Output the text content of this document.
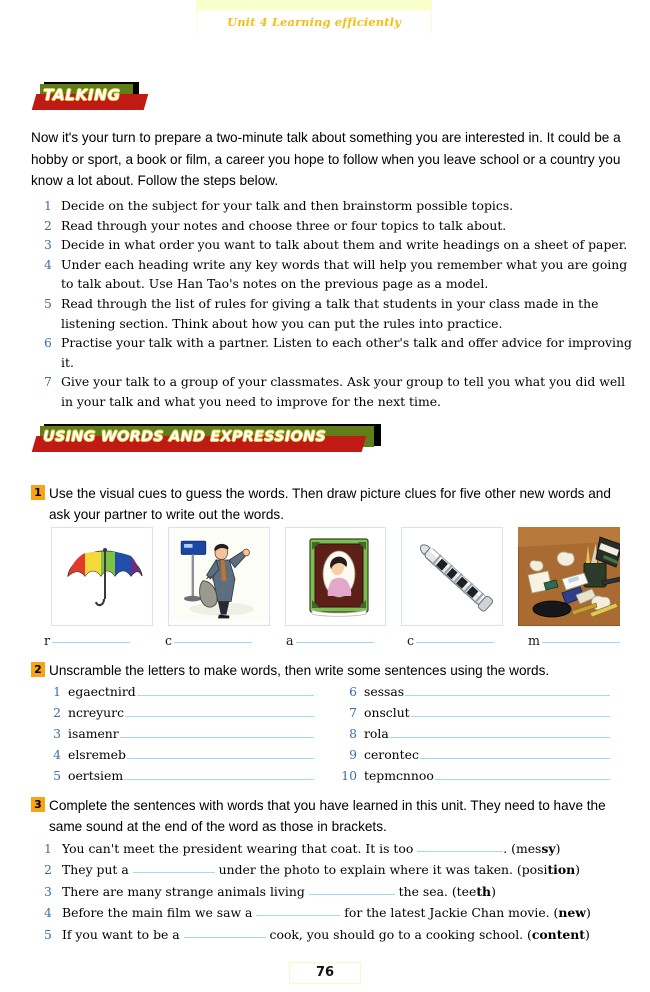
Unit 4 Learning efficiently
TALKING
Now it's your turn to prepare a two-minute talk about something you are interested in. It could be a hobby or sport, a book or film, a career you hope to follow when you leave school or a country you know a lot about. Follow the steps below.
1 Decide on the subject for your talk and then brainstorm possible topics.
2 Read through your notes and choose three or four topics to talk about.
3 Decide in what order you want to talk about them and write headings on a sheet of paper.
4 Under each heading write any key words that will help you remember what you are going to talk about. Use Han Tao's notes on the previous page as a model.
5 Read through the list of rules for giving a talk that students in your class made in the listening section. Think about how you can put the rules into practice.
6 Practise your talk with a partner. Listen to each other's talk and offer advice for improving it.
7 Give your talk to a group of your classmates. Ask your group to tell you what you did well in your talk and what you need to improve for the next time.
USING WORDS AND EXPRESSIONS
1 Use the visual cues to guess the words. Then draw picture clues for five other new words and ask your partner to write out the words.
r	c	a	c	m
2 Unscramble the letters to make words, then write some sentences using the words.
1 egaectnird
2 ncreyurc
3 isamenr
4 elsremeb
5 oertsiem
6 sessas
7 onsclut
8 rola
9 cerontec
10 tepmcnnoo
3 Complete the sentences with words that you have learned in this unit. They need to have the same sound at the end of the word as those in brackets.
1 You can't meet the president wearing that coat. It is too	. (messy)
2 They put a	under the photo to explain where it was taken. (position)
3 There are many strange animals living	the sea. (teeth)
4 Before the main film we saw a	for the latest Jackie Chan movie. (new)
5 If you want to be a	cook, you should go to a cooking school. (content)
76
